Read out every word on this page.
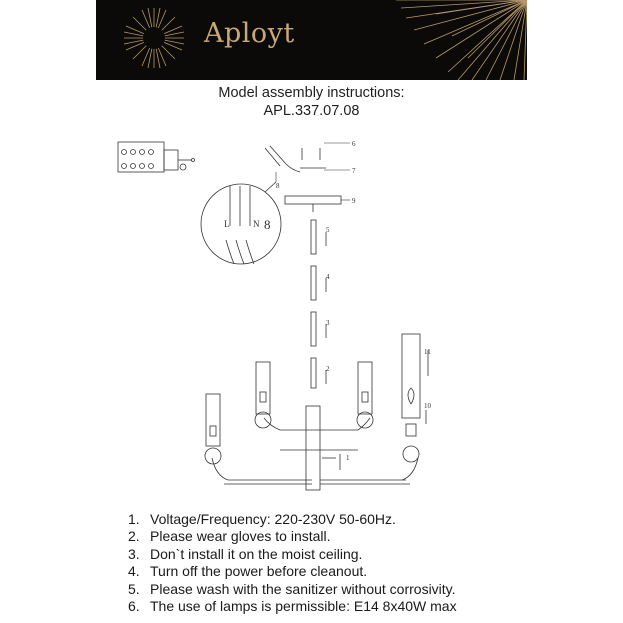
Aployt
Model assembly instructions:
APL.337.07.08
6
7
8
9
L	N 8	5
4
3
2
11
10
1
1. Voltage/Frequency: 220-230V 50-60Hz.
2. Please wear gloves to install.
3. Don`t install it on the moist ceiling.
4. Turn off the power before cleanout.
5. Please wash with the sanitizer without corrosivity.
6. The use of lamps is permissible: E14 8x40W max
